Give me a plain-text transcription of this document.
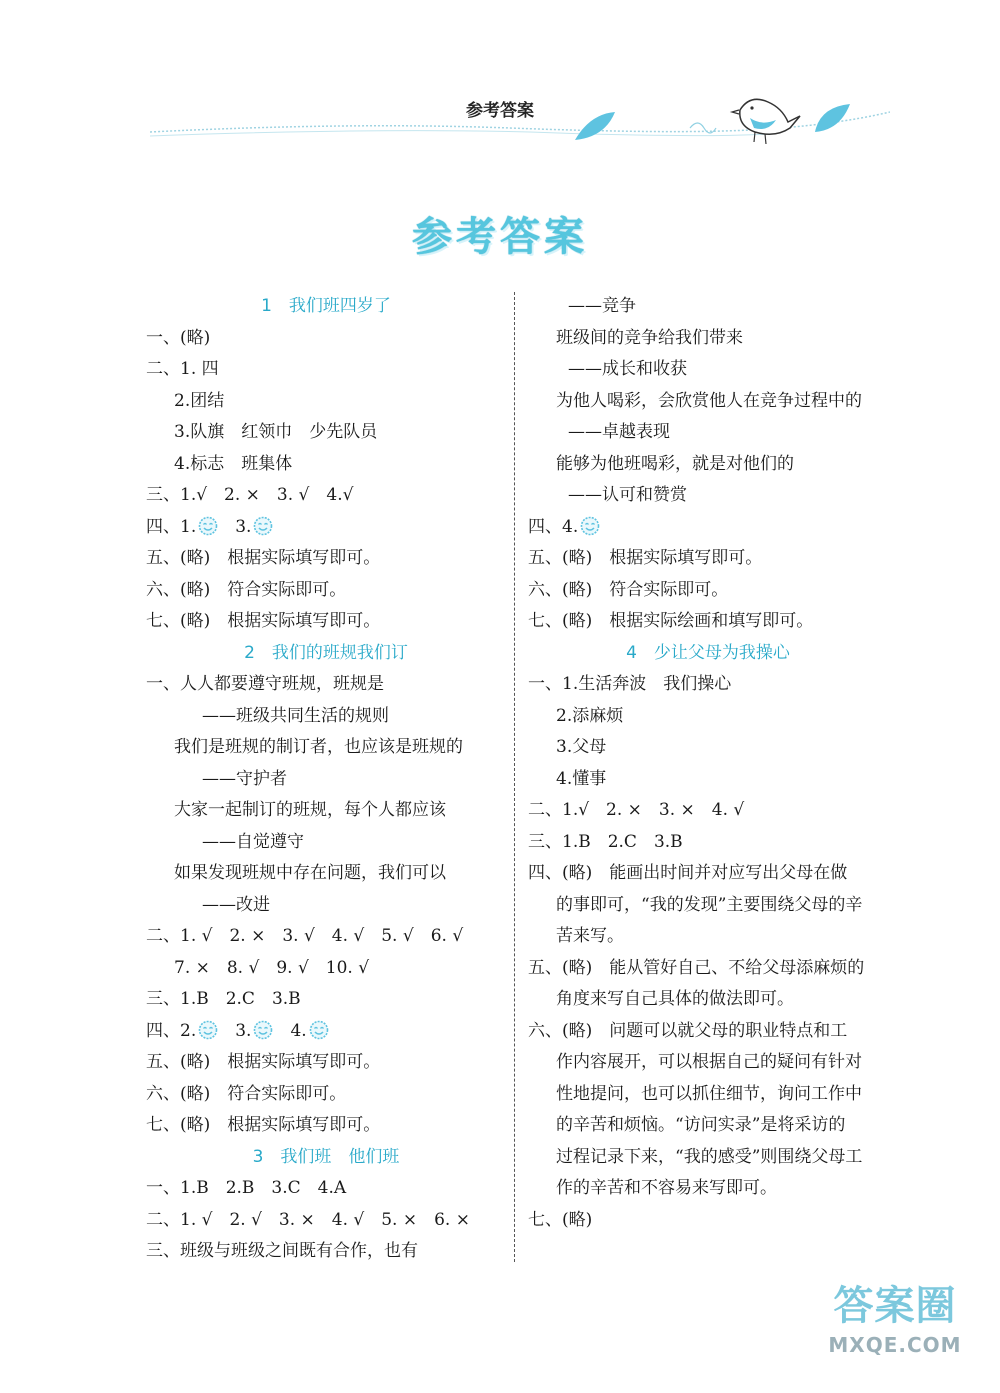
参考答案
参考答案
1　我们班四岁了
一、(略)
二、1. 四
2.团结
3.队旗　红领巾　少先队员
4.标志　班集体
三、1.√　2. ×　3. √　4.√
四、1.　3.
五、(略)　根据实际填写即可。
六、(略)　符合实际即可。
七、(略)　根据实际填写即可。
2　我们的班规我们订
一、人人都要遵守班规，班规是
——班级共同生活的规则
我们是班规的制订者，也应该是班规的
——守护者
大家一起制订的班规，每个人都应该
——自觉遵守
如果发现班规中存在问题，我们可以
——改进
二、1. √　2. ×　3. √　4. √　5. √　6. √
7. ×　8. √　9. √　10. √
三、1.B　2.C　3.B
四、2.　3.　4.
五、(略)　根据实际填写即可。
六、(略)　符合实际即可。
七、(略)　根据实际填写即可。
3　我们班　他们班
一、1.B　2.B　3.C　4.A
二、1. √　2. √　3. ×　4. √　5. ×　6. ×
三、班级与班级之间既有合作，也有
——竞争
班级间的竞争给我们带来
——成长和收获
为他人喝彩，会欣赏他人在竞争过程中的
——卓越表现
能够为他班喝彩，就是对他们的
——认可和赞赏
四、4.
五、(略)　根据实际填写即可。
六、(略)　符合实际即可。
七、(略)　根据实际绘画和填写即可。
4　少让父母为我操心
一、1.生活奔波　我们操心
2.添麻烦
3.父母
4.懂事
二、1.√　2. ×　3. ×　4. √
三、1.B　2.C　3.B
四、(略)　能画出时间并对应写出父母在做
的事即可，“我的发现”主要围绕父母的辛
苦来写。
五、(略)　能从管好自己、不给父母添麻烦的
角度来写自己具体的做法即可。
六、(略)　问题可以就父母的职业特点和工
作内容展开，可以根据自己的疑问有针对
性地提问，也可以抓住细节，询问工作中
的辛苦和烦恼。“访问实录”是将采访的
过程记录下来，“我的感受”则围绕父母工
作的辛苦和不容易来写即可。
七、(略)
答案圈
MXQE.COM
